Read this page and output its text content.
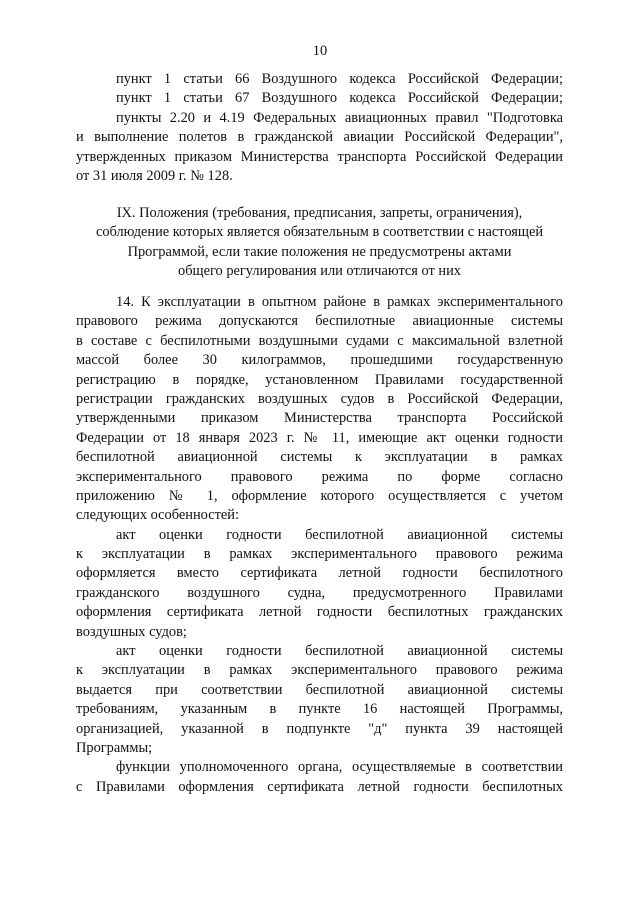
10
пункт 1 статьи 66 Воздушного кодекса Российской Федерации;
пункт 1 статьи 67 Воздушного кодекса Российской Федерации;
пункты 2.20 и 4.19 Федеральных авиационных правил "Подготовка
и выполнение полетов в гражданской авиации Российской Федерации",
утвержденных приказом Министерства транспорта Российской Федерации
от 31 июля 2009 г. № 128.
IX. Положения (требования, предписания, запреты, ограничения),
соблюдение которых является обязательным в соответствии с настоящей
Программой, если такие положения не предусмотрены актами
общего регулирования или отличаются от них
14. К эксплуатации в опытном районе в рамках экспериментального
правового режима допускаются беспилотные авиационные системы
в составе с беспилотными воздушными судами с максимальной взлетной
массой более 30 килограммов, прошедшими государственную
регистрацию в порядке, установленном Правилами государственной
регистрации гражданских воздушных судов в Российской Федерации,
утвержденными приказом Министерства транспорта Российской
Федерации от 18 января 2023 г. № 11, имеющие акт оценки годности
беспилотной авиационной системы к эксплуатации в рамках
экспериментального правового режима по форме согласно
приложению № 1, оформление которого осуществляется с учетом
следующих особенностей:
акт оценки годности беспилотной авиационной системы
к эксплуатации в рамках экспериментального правового режима
оформляется вместо сертификата летной годности беспилотного
гражданского воздушного судна, предусмотренного Правилами
оформления сертификата летной годности беспилотных гражданских
воздушных судов;
акт оценки годности беспилотной авиационной системы
к эксплуатации в рамках экспериментального правового режима
выдается при соответствии беспилотной авиационной системы
требованиям, указанным в пункте 16 настоящей Программы,
организацией, указанной в подпункте "д" пункта 39 настоящей
Программы;
функции уполномоченного органа, осуществляемые в соответствии
с Правилами оформления сертификата летной годности беспилотных
